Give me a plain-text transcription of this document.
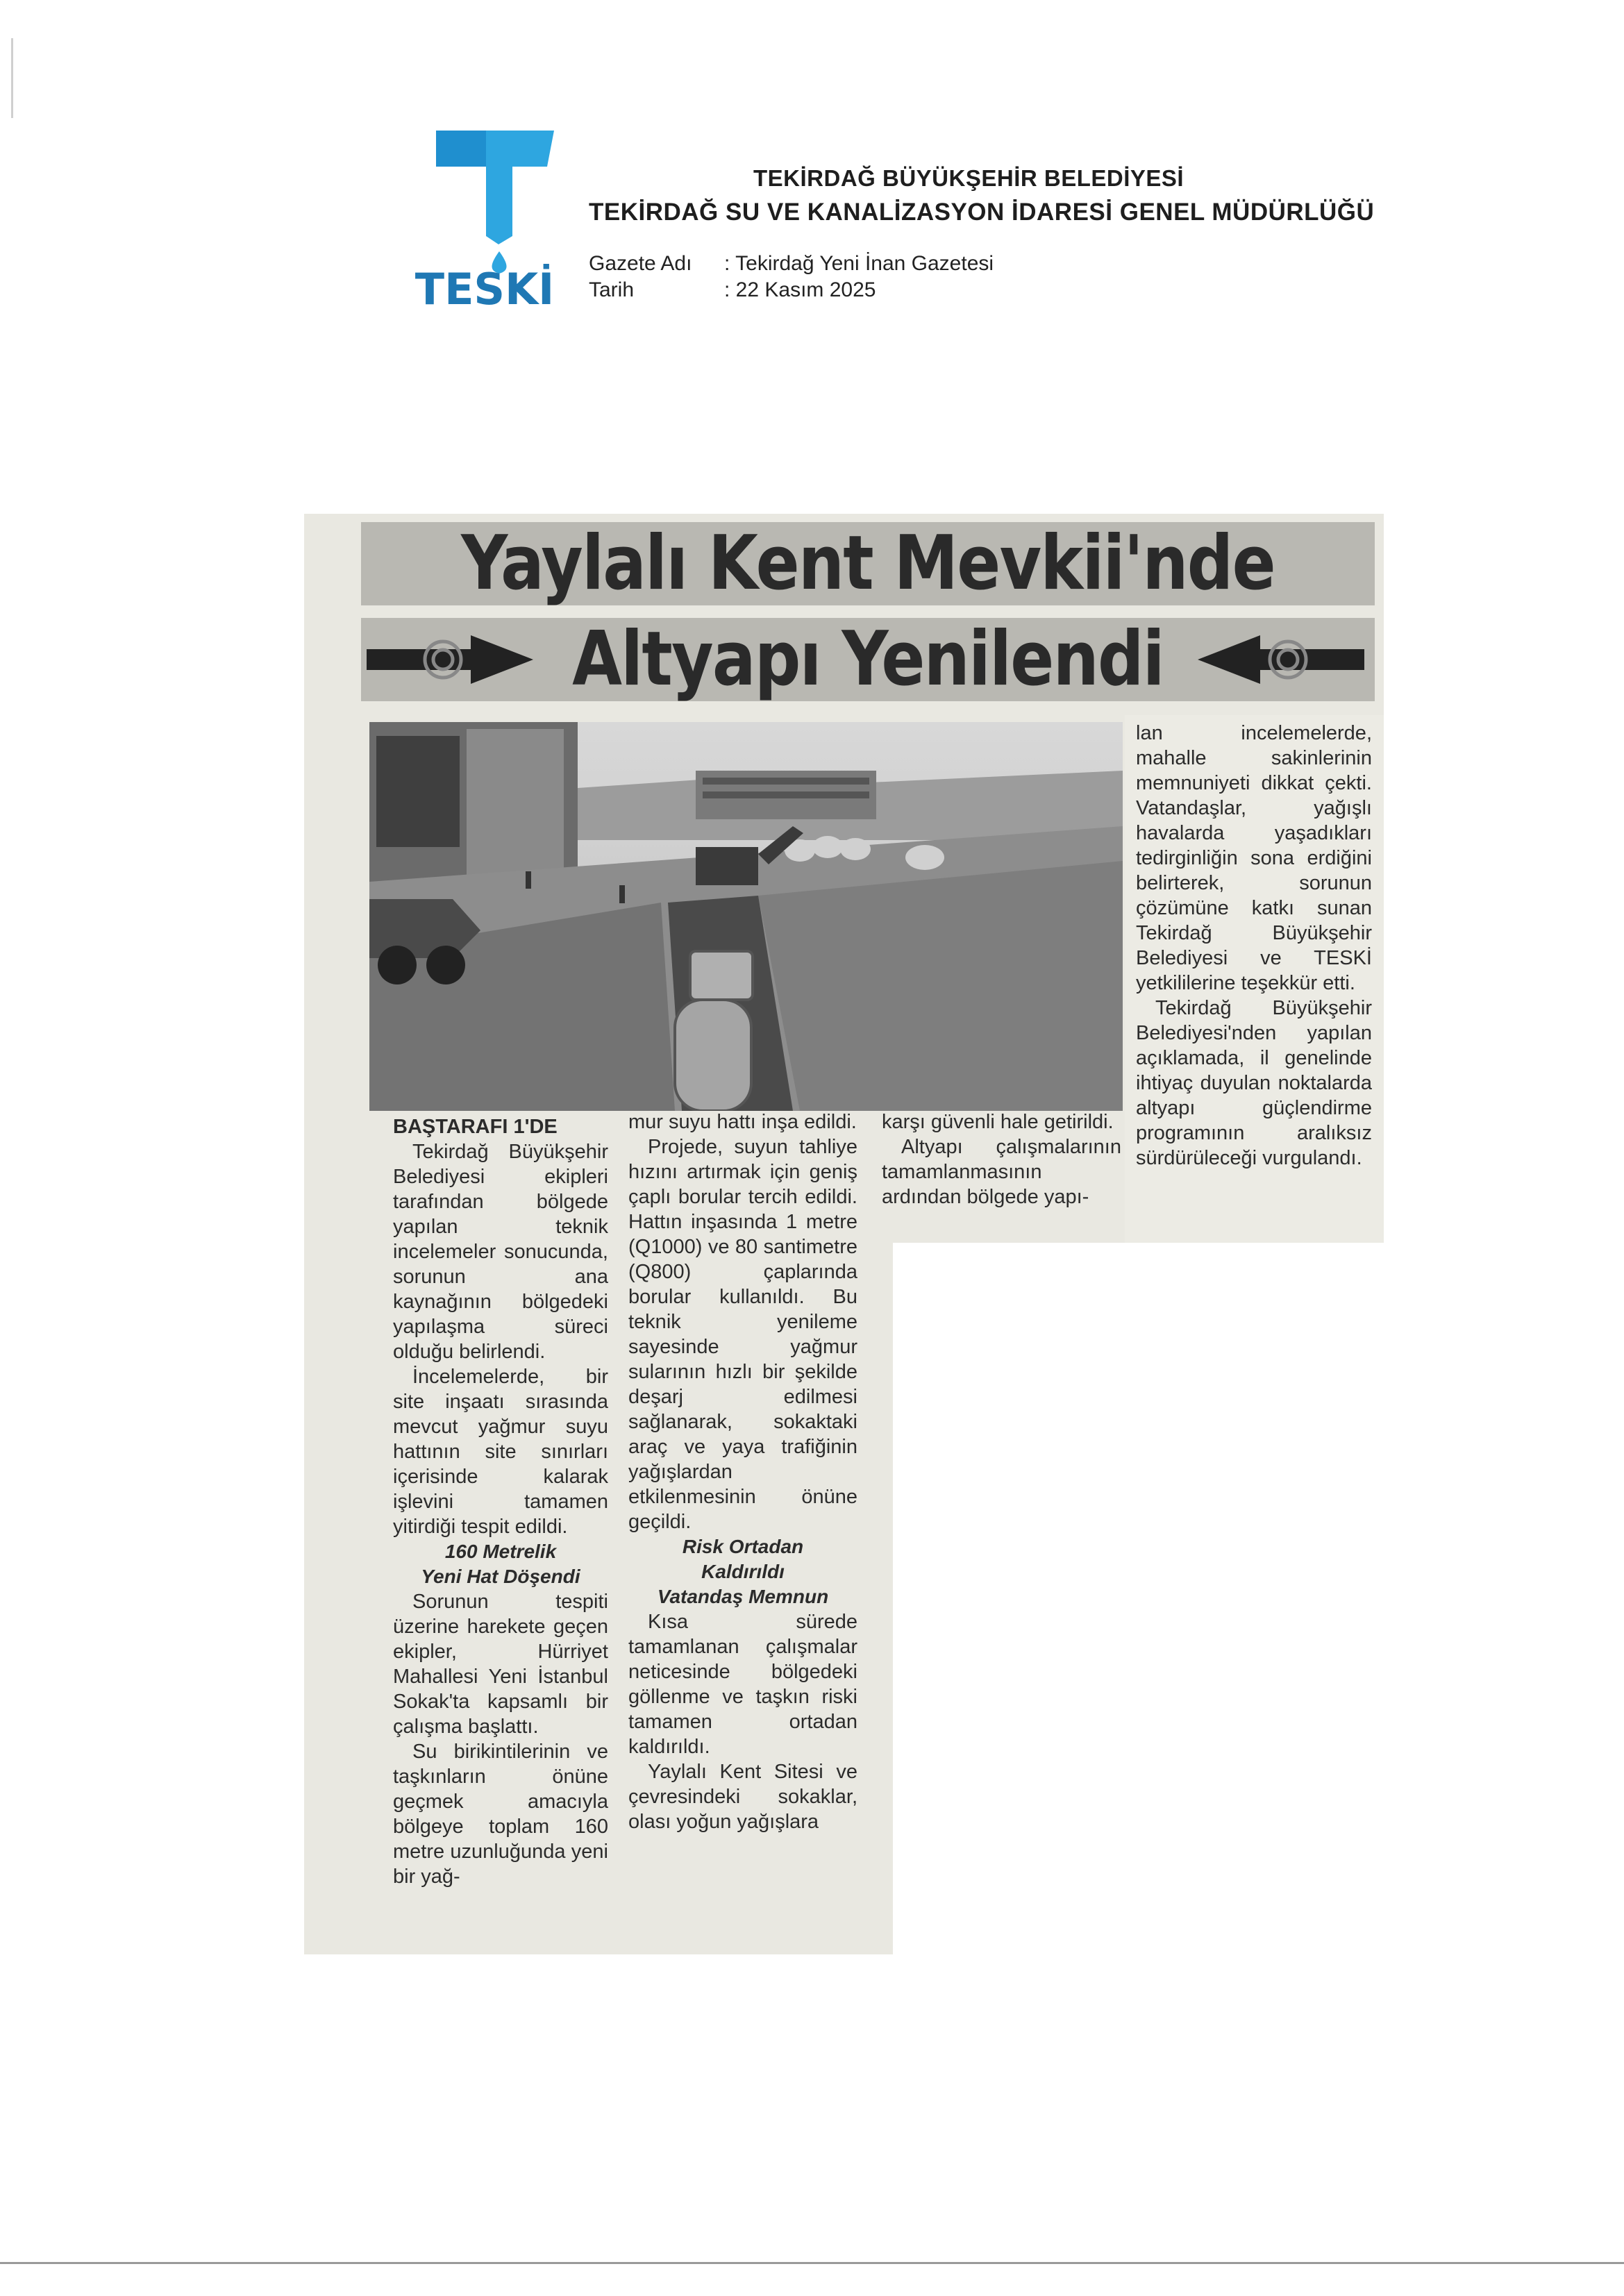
TESKİ
TEKİRDAĞ BÜYÜKŞEHİR BELEDİYESİ
TEKİRDAĞ SU VE KANALİZASYON İDARESİ GENEL MÜDÜRLÜĞÜ
Gazete Adı : Tekirdağ Yeni İnan Gazetesi
Tarih	: 22 Kasım 2025
Yaylalı Kent Mevkii'nde
Altyapı Yenilendi

BAŞTARAFI 1'DE

Tekirdağ Büyükşehir Belediyesi ekipleri tarafından bölgede yapılan teknik incelemeler sonucunda, sorunun ana kaynağının bölgedeki yapılaşma süreci olduğu belirlendi.

İncelemelerde, bir site inşaatı sırasında mevcut yağmur suyu hattının site sınırları içerisinde kalarak işlevini tamamen yitirdiği tespit edildi.

160 Metrelik

Yeni Hat Döşendi

Sorunun tespiti üzerine harekete geçen ekipler, Hürriyet Mahallesi Yeni İstanbul Sokak'ta kapsamlı bir çalışma başlattı.

Su birikintilerinin ve taşkınların önüne geçmek amacıyla bölgeye toplam 160 metre uzunluğunda yeni bir yağ-

mur suyu hattı inşa edildi.

Projede, suyun tahliye hızını artırmak için geniş çaplı borular tercih edildi. Hattın inşasında 1 metre (Q1000) ve 80 santimetre (Q800) çaplarında borular kullanıldı. Bu teknik yenileme sayesinde yağmur sularının hızlı bir şekilde deşarj edilmesi sağlanarak, sokaktaki araç ve yaya trafiğinin yağışlardan etkilenmesinin önüne geçildi.

Risk Ortadan

Kaldırıldı

Vatandaş Memnun

Kısa sürede tamamlanan çalışmalar neticesinde bölgedeki göllenme ve taşkın riski tamamen ortadan kaldırıldı.

Yaylalı Kent Sitesi ve çevresindeki sokaklar, olası yoğun yağışlara

karşı güvenli hale getirildi.

Altyapı çalışmalarının tamamlanmasının ardından bölgede yapı-

lan incelemelerde, mahalle sakinlerinin memnuniyeti dikkat çekti. Vatandaşlar, yağışlı havalarda yaşadıkları tedirginliğin sona erdiğini belirterek, sorunun çözümüne katkı sunan Tekirdağ Büyükşehir Belediyesi ve TESKİ yetkililerine teşekkür etti.

Tekirdağ Büyükşehir Belediyesi'nden yapılan açıklamada, il genelinde ihtiyaç duyulan noktalarda altyapı güçlendirme programının aralıksız sürdürüleceği vurgulandı.
